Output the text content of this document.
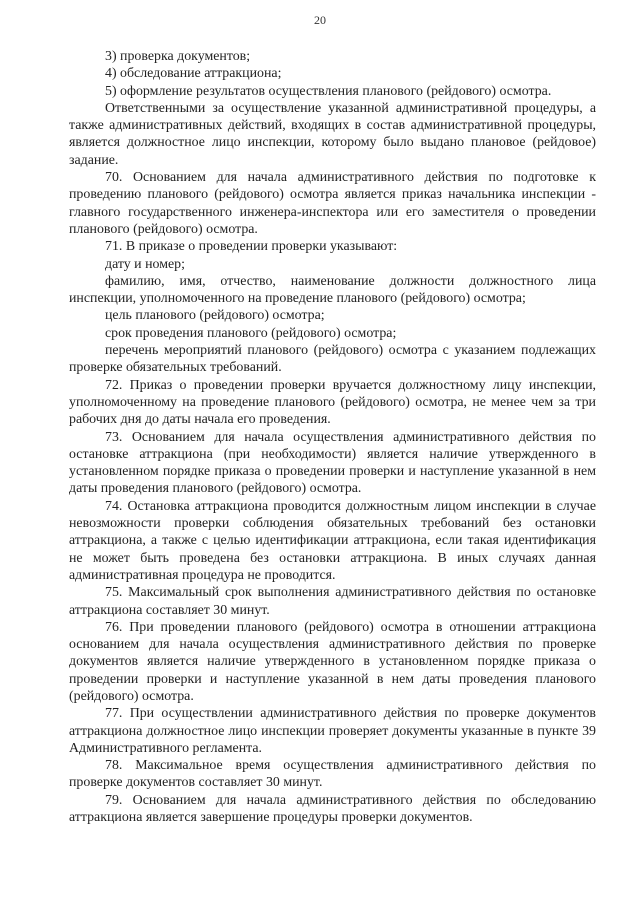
20

3) проверка документов;

4) обследование аттракциона;

5) оформление результатов осуществления планового (рейдового) осмотра.

Ответственными за осуществление указанной административной процедуры, а также административных действий, входящих в состав административной процедуры, является должностное лицо инспекции, которому было выдано плановое (рейдовое) задание.

70. Основанием для начала административного действия по подготовке к проведению планового (рейдового) осмотра является приказ начальника инспекции - главного государственного инженера-инспектора или его заместителя о проведении планового (рейдового) осмотра.

71. В приказе о проведении проверки указывают:

дату и номер;

фамилию, имя, отчество, наименование должности должностного лица инспекции, уполномоченного на проведение планового (рейдового) осмотра;

цель планового (рейдового) осмотра;

срок проведения планового (рейдового) осмотра;

перечень мероприятий планового (рейдового) осмотра с указанием подлежащих проверке обязательных требований.

72. Приказ о проведении проверки вручается должностному лицу инспекции, уполномоченному на проведение планового (рейдового) осмотра, не менее чем за три рабочих дня до даты начала его проведения.

73. Основанием для начала осуществления административного действия по остановке аттракциона (при необходимости) является наличие утвержденного в установленном порядке приказа о проведении проверки и наступление указанной в нем даты проведения планового (рейдового) осмотра.

74. Остановка аттракциона проводится должностным лицом инспекции в случае невозможности проверки соблюдения обязательных требований без остановки аттракциона, а также с целью идентификации аттракциона, если такая идентификация не может быть проведена без остановки аттракциона. В иных случаях данная административная процедура не проводится.

75. Максимальный срок выполнения административного действия по остановке аттракциона составляет 30 минут.

76. При проведении планового (рейдового) осмотра в отношении аттракциона основанием для начала осуществления административного действия по проверке документов является наличие утвержденного в установленном порядке приказа о проведении проверки и наступление указанной в нем даты проведения планового (рейдового) осмотра.

77. При осуществлении административного действия по проверке документов аттракциона должностное лицо инспекции проверяет документы указанные в пункте 39 Административного регламента.

78. Максимальное время осуществления административного действия по проверке документов составляет 30 минут.

79. Основанием для начала административного действия по обследованию аттракциона является завершение процедуры проверки документов.
